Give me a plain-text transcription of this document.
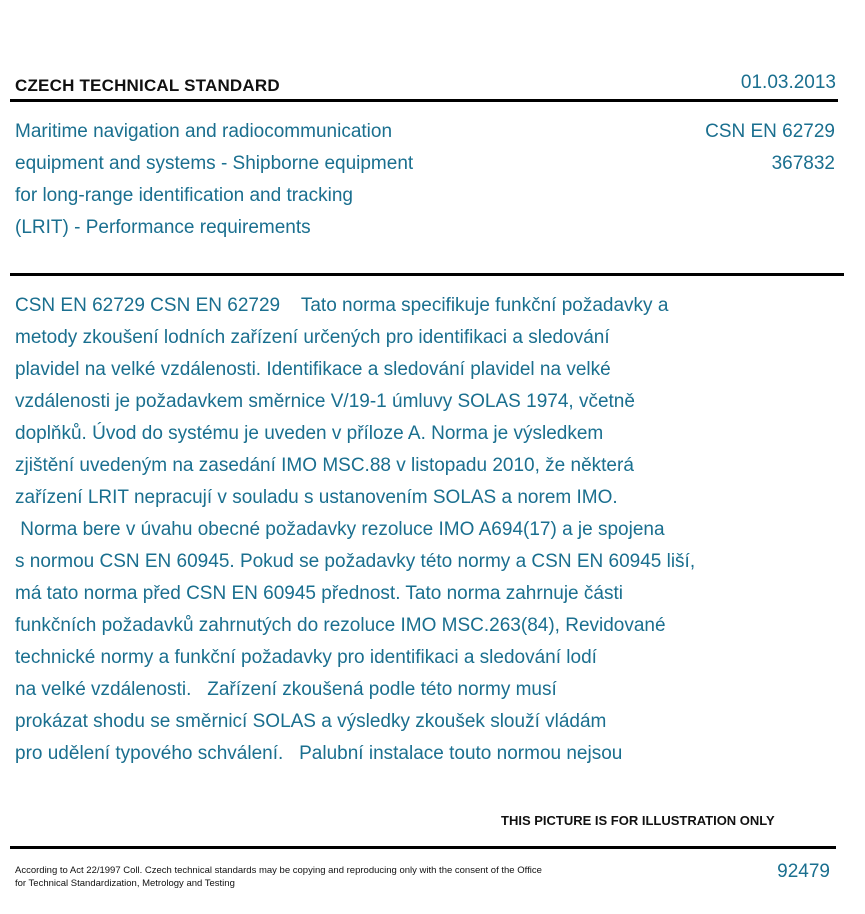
CZECH TECHNICAL STANDARD	01.03.2013
Maritime navigation and radiocommunication
equipment and systems - Shipborne equipment
for long-range identification and tracking
(LRIT) - Performance requirements
CSN EN 62729
367832
CSN EN 62729 CSN EN 62729    Tato norma specifikuje funkční požadavky a
metody zkoušení lodních zařízení určených pro identifikaci a sledování
plavidel na velké vzdálenosti. Identifikace a sledování plavidel na velké
vzdálenosti je požadavkem směrnice V/19-1 úmluvy SOLAS 1974, včetně
doplňků. Úvod do systému je uveden v příloze A. Norma je výsledkem
zjištění uvedeným na zasedání IMO MSC.88 v listopadu 2010, že některá
zařízení LRIT nepracují v souladu s ustanovením SOLAS a norem IMO.
Norma bere v úvahu obecné požadavky rezoluce IMO A694(17) a je spojena
s normou CSN EN 60945. Pokud se požadavky této normy a CSN EN 60945 liší,
má tato norma před CSN EN 60945 přednost. Tato norma zahrnuje části
funkčních požadavků zahrnutých do rezoluce IMO MSC.263(84), Revidované
technické normy a funkční požadavky pro identifikaci a sledování lodí
na velké vzdálenosti.   Zařízení zkoušená podle této normy musí
prokázat shodu se směrnicí SOLAS a výsledky zkoušek slouží vládám
pro udělení typového schválení.   Palubní instalace touto normou nejsou
THIS PICTURE IS FOR ILLUSTRATION ONLY
According to Act 22/1997 Coll. Czech technical standards may be copying and reproducing only with the consent of the Office
for Technical Standardization, Metrology and Testing
92479
